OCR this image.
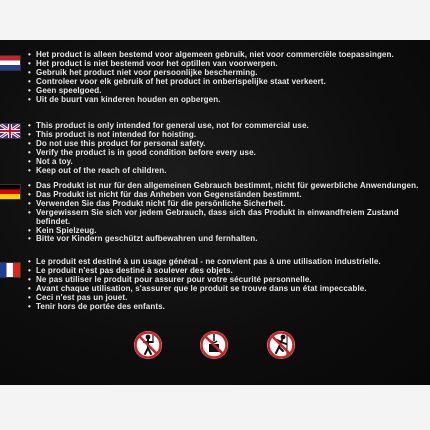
• Het product is alleen bestemd voor algemeen gebruik, niet voor commerciële toepassingen.
• Het product is niet bestemd voor het optillen van voorwerpen.
• Gebruik het product niet voor persoonlijke bescherming.
• Controleer voor elk gebruik of het product in onberispelijke staat verkeert.
• Geen speelgoed.
• Uit de buurt van kinderen houden en opbergen.
• This product is only intended for general use, not for commercial use.
• This product is not intended for hoisting.
• Do not use this product for personal safety.
• Verify the product is in good condition before every use.
• Not a toy.
• Keep out of the reach of children.
• Das Produkt ist nur für den allgemeinen Gebrauch bestimmt, nicht für gewerbliche Anwendungen.
• Das Produkt ist nicht für das Anheben von Gegenständen bestimmt.
• Verwenden Sie das Produkt nicht für die persönliche Sicherheit.
• Vergewissern Sie sich vor jedem Gebrauch, dass sich das Produkt in einwandfreiem Zustand befindet.
• Kein Spielzeug.
• Bitte vor Kindern geschützt aufbewahren und fernhalten.
• Le produit est destiné à un usage général - ne convient pas à une utilisation industrielle.
• Le produit n'est pas destiné à soulever des objets.
• Ne pas utiliser le produit pour assurer pour votre sécurité personnelle.
• Avant chaque utilisation, s'assurer que le produit se trouve dans un état impeccable.
• Ceci n'est pas un jouet.
• Tenir hors de portée des enfants.
